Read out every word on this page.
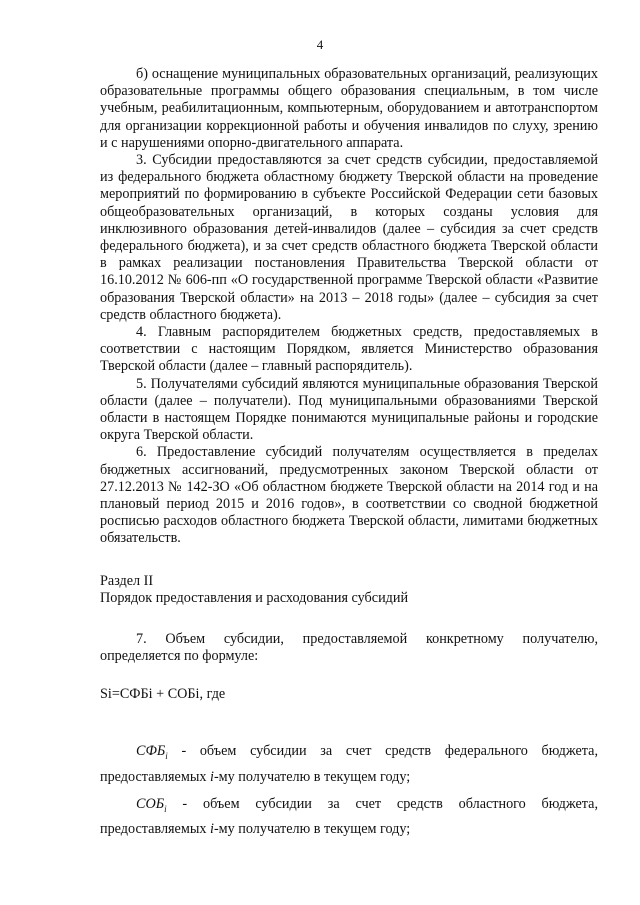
4

б) оснащение муниципальных образовательных организаций, реализующих образовательные программы общего образования специальным, в том числе учебным, реабилитационным, компьютерным, оборудованием и автотранспортом для организации коррекционной работы и обучения инвалидов по слуху, зрению и с нарушениями опорно-двигательного аппарата.

3. Субсидии предоставляются за счет средств субсидии, предоставляемой из федерального бюджета областному бюджету Тверской области на проведение мероприятий по формированию в субъекте Российской Федерации сети базовых общеобразовательных организаций, в которых созданы условия для инклюзивного образования детей-инвалидов (далее – субсидия за счет средств федерального бюджета), и за счет средств областного бюджета Тверской области в рамках реализации постановления Правительства Тверской области от 16.10.2012 № 606-пп «О государственной программе Тверской области «Развитие образования Тверской области» на 2013 – 2018 годы» (далее – субсидия за счет средств областного бюджета).

4. Главным распорядителем бюджетных средств, предоставляемых в соответствии с настоящим Порядком, является Министерство образования Тверской области (далее – главный распорядитель).

5. Получателями субсидий являются муниципальные образования Тверской области (далее – получатели). Под муниципальными образованиями Тверской области в настоящем Порядке понимаются муниципальные районы и городские округа Тверской области.

6. Предоставление субсидий получателям осуществляется в пределах бюджетных ассигнований, предусмотренных законом Тверской области от 27.12.2013 № 142-ЗО «Об областном бюджете Тверской области на 2014 год и на плановый период 2015 и 2016 годов», в соответствии со сводной бюджетной росписью расходов областного бюджета Тверской области, лимитами бюджетных обязательств.

Раздел II

Порядок предоставления и расходования субсидий

7. Объем субсидии, предоставляемой конкретному получателю, определяется по формуле:

Si=СФБi + СОБi, где

$СФБ_i$ - объем субсидии за счет средств федерального бюджета, предоставляемых i-му получателю в текущем году;

$СОБ_i$ - объем субсидии за счет средств областного бюджета, предоставляемых i-му получателю в текущем году;
